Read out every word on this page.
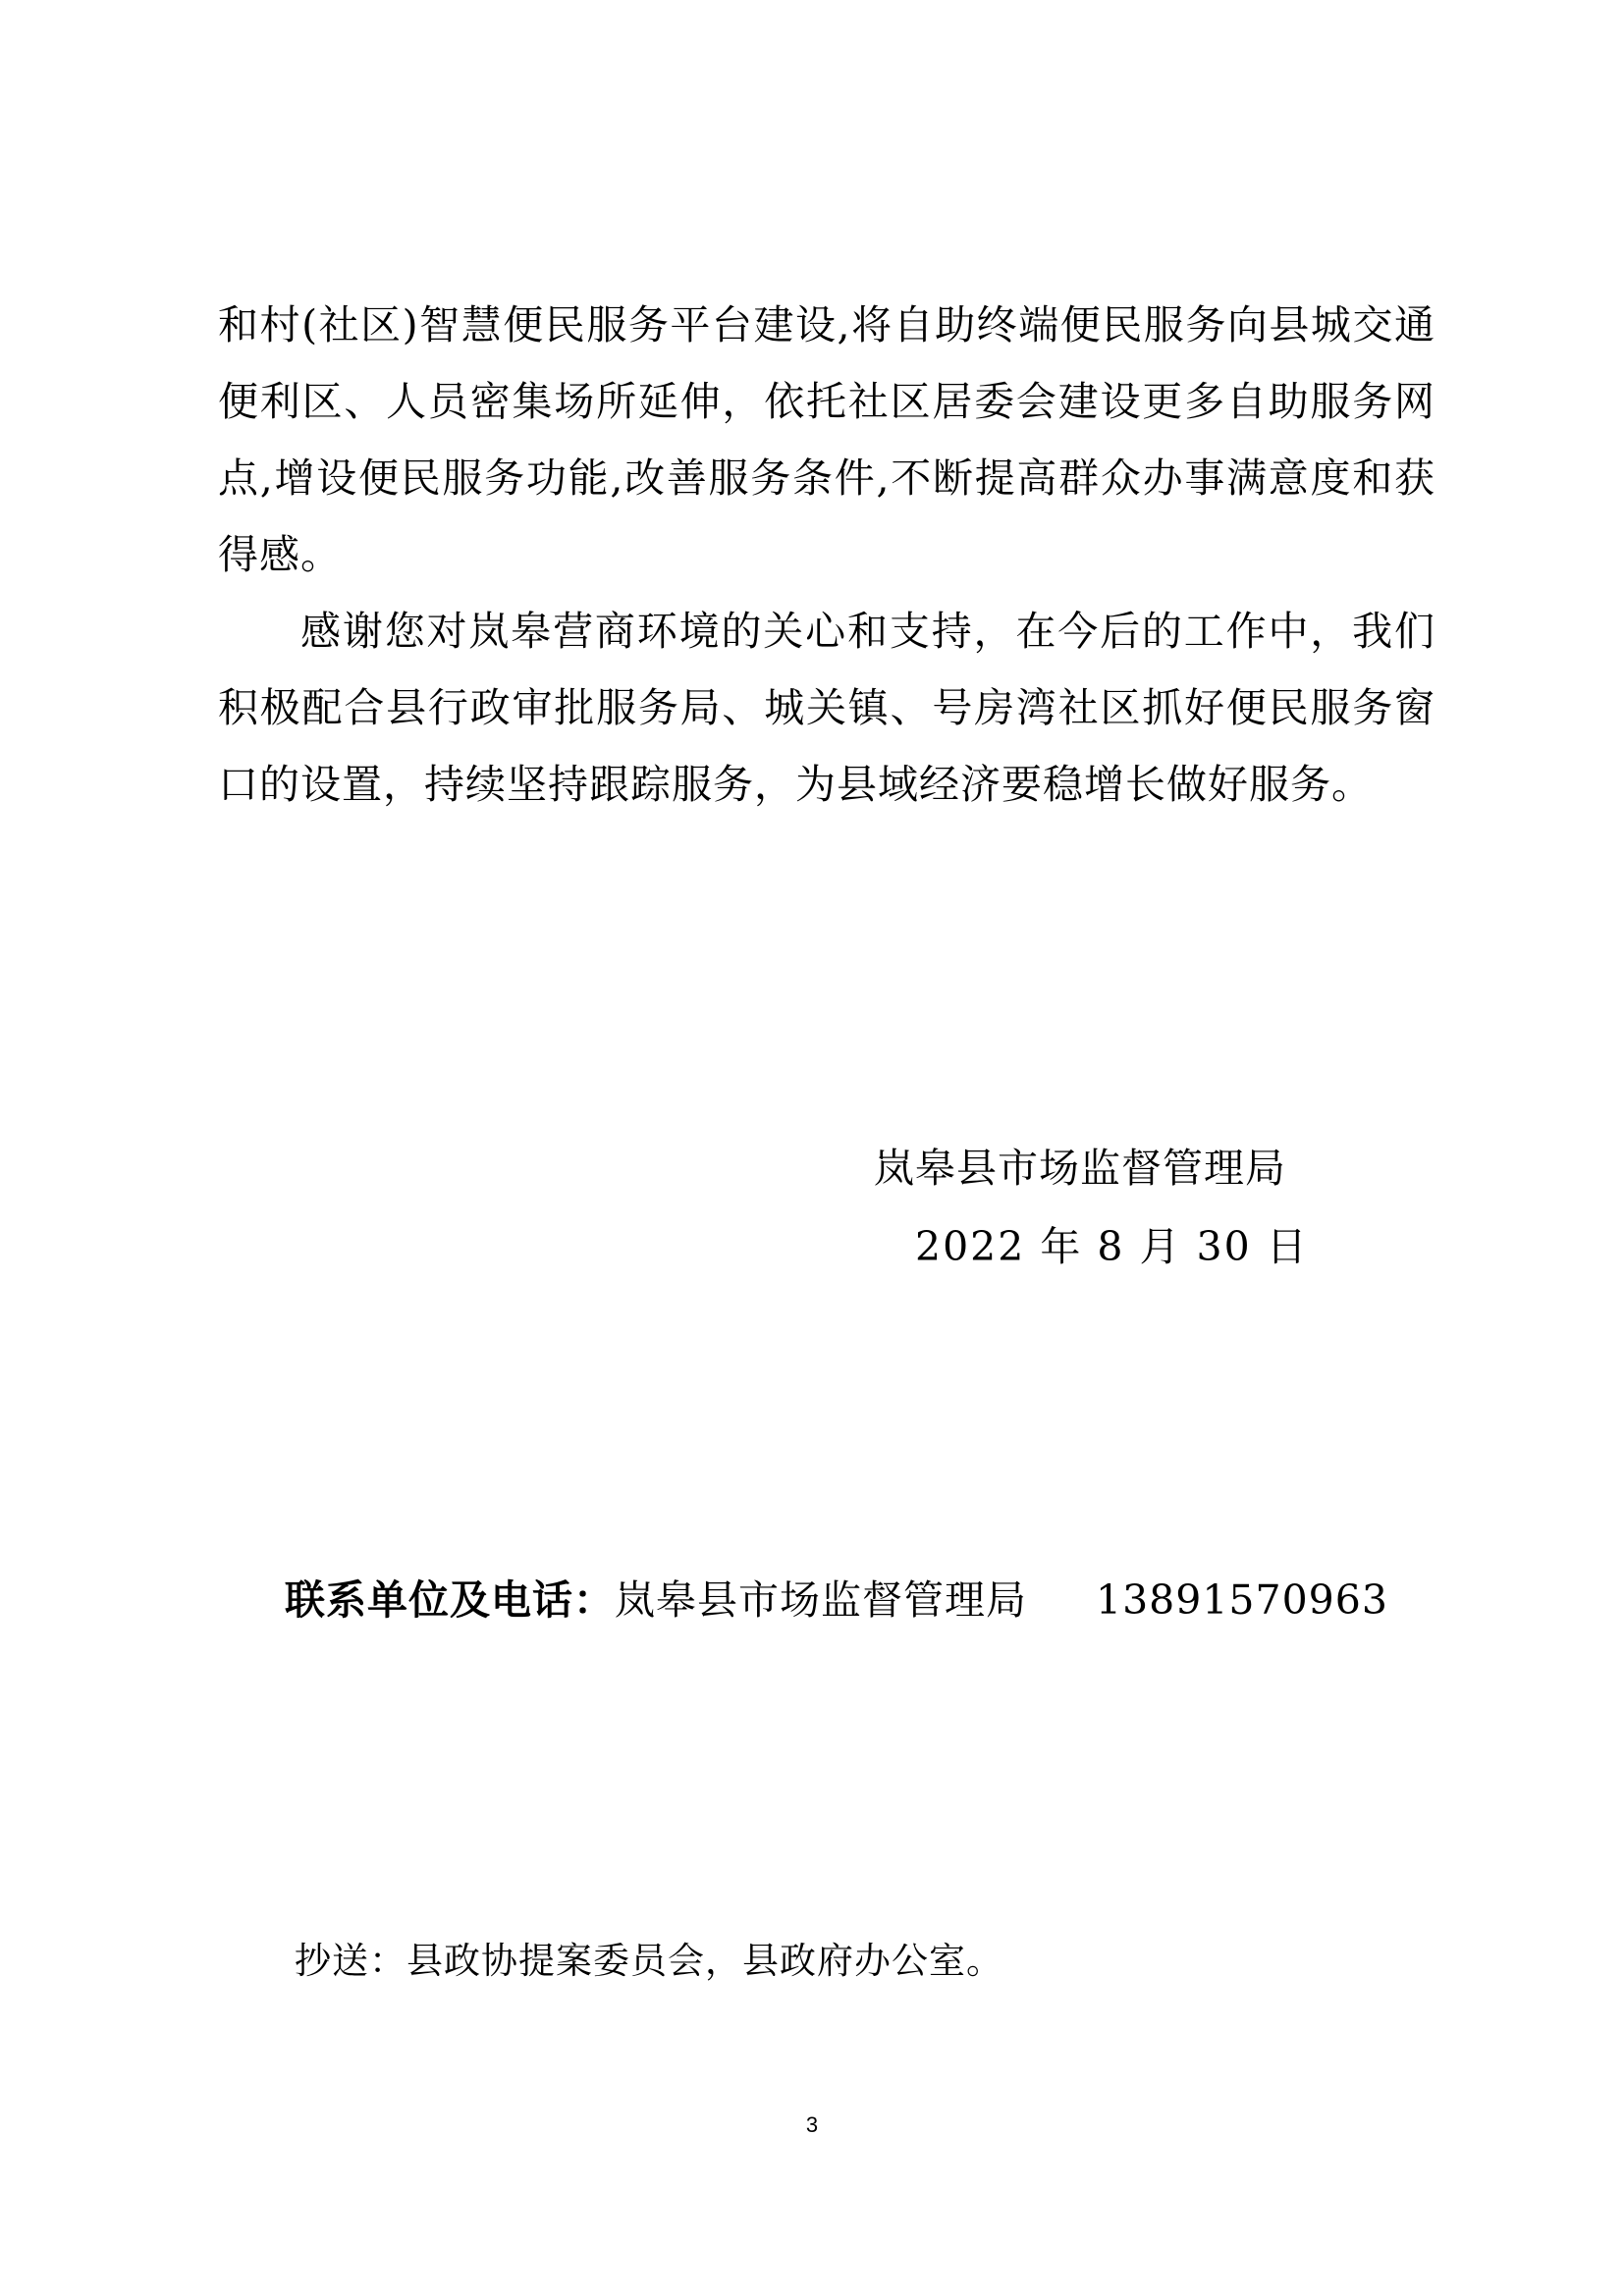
和村(社区)智慧便民服务平台建设,将自助终端便民服务向县城交通便利区、人员密集场所延伸，依托社区居委会建设更多自助服务网点,增设便民服务功能,改善服务条件,不断提高群众办事满意度和获得感。

感谢您对岚皋营商环境的关心和支持，在今后的工作中，我们积极配合县行政审批服务局、城关镇、号房湾社区抓好便民服务窗口的设置，持续坚持跟踪服务，为县域经济要稳增长做好服务。

岚皋县市场监督管理局
2022 年 8 月 30 日
联系单位及电话：岚皋县市场监督管理局 13891570963
抄送：县政协提案委员会，县政府办公室。
3
